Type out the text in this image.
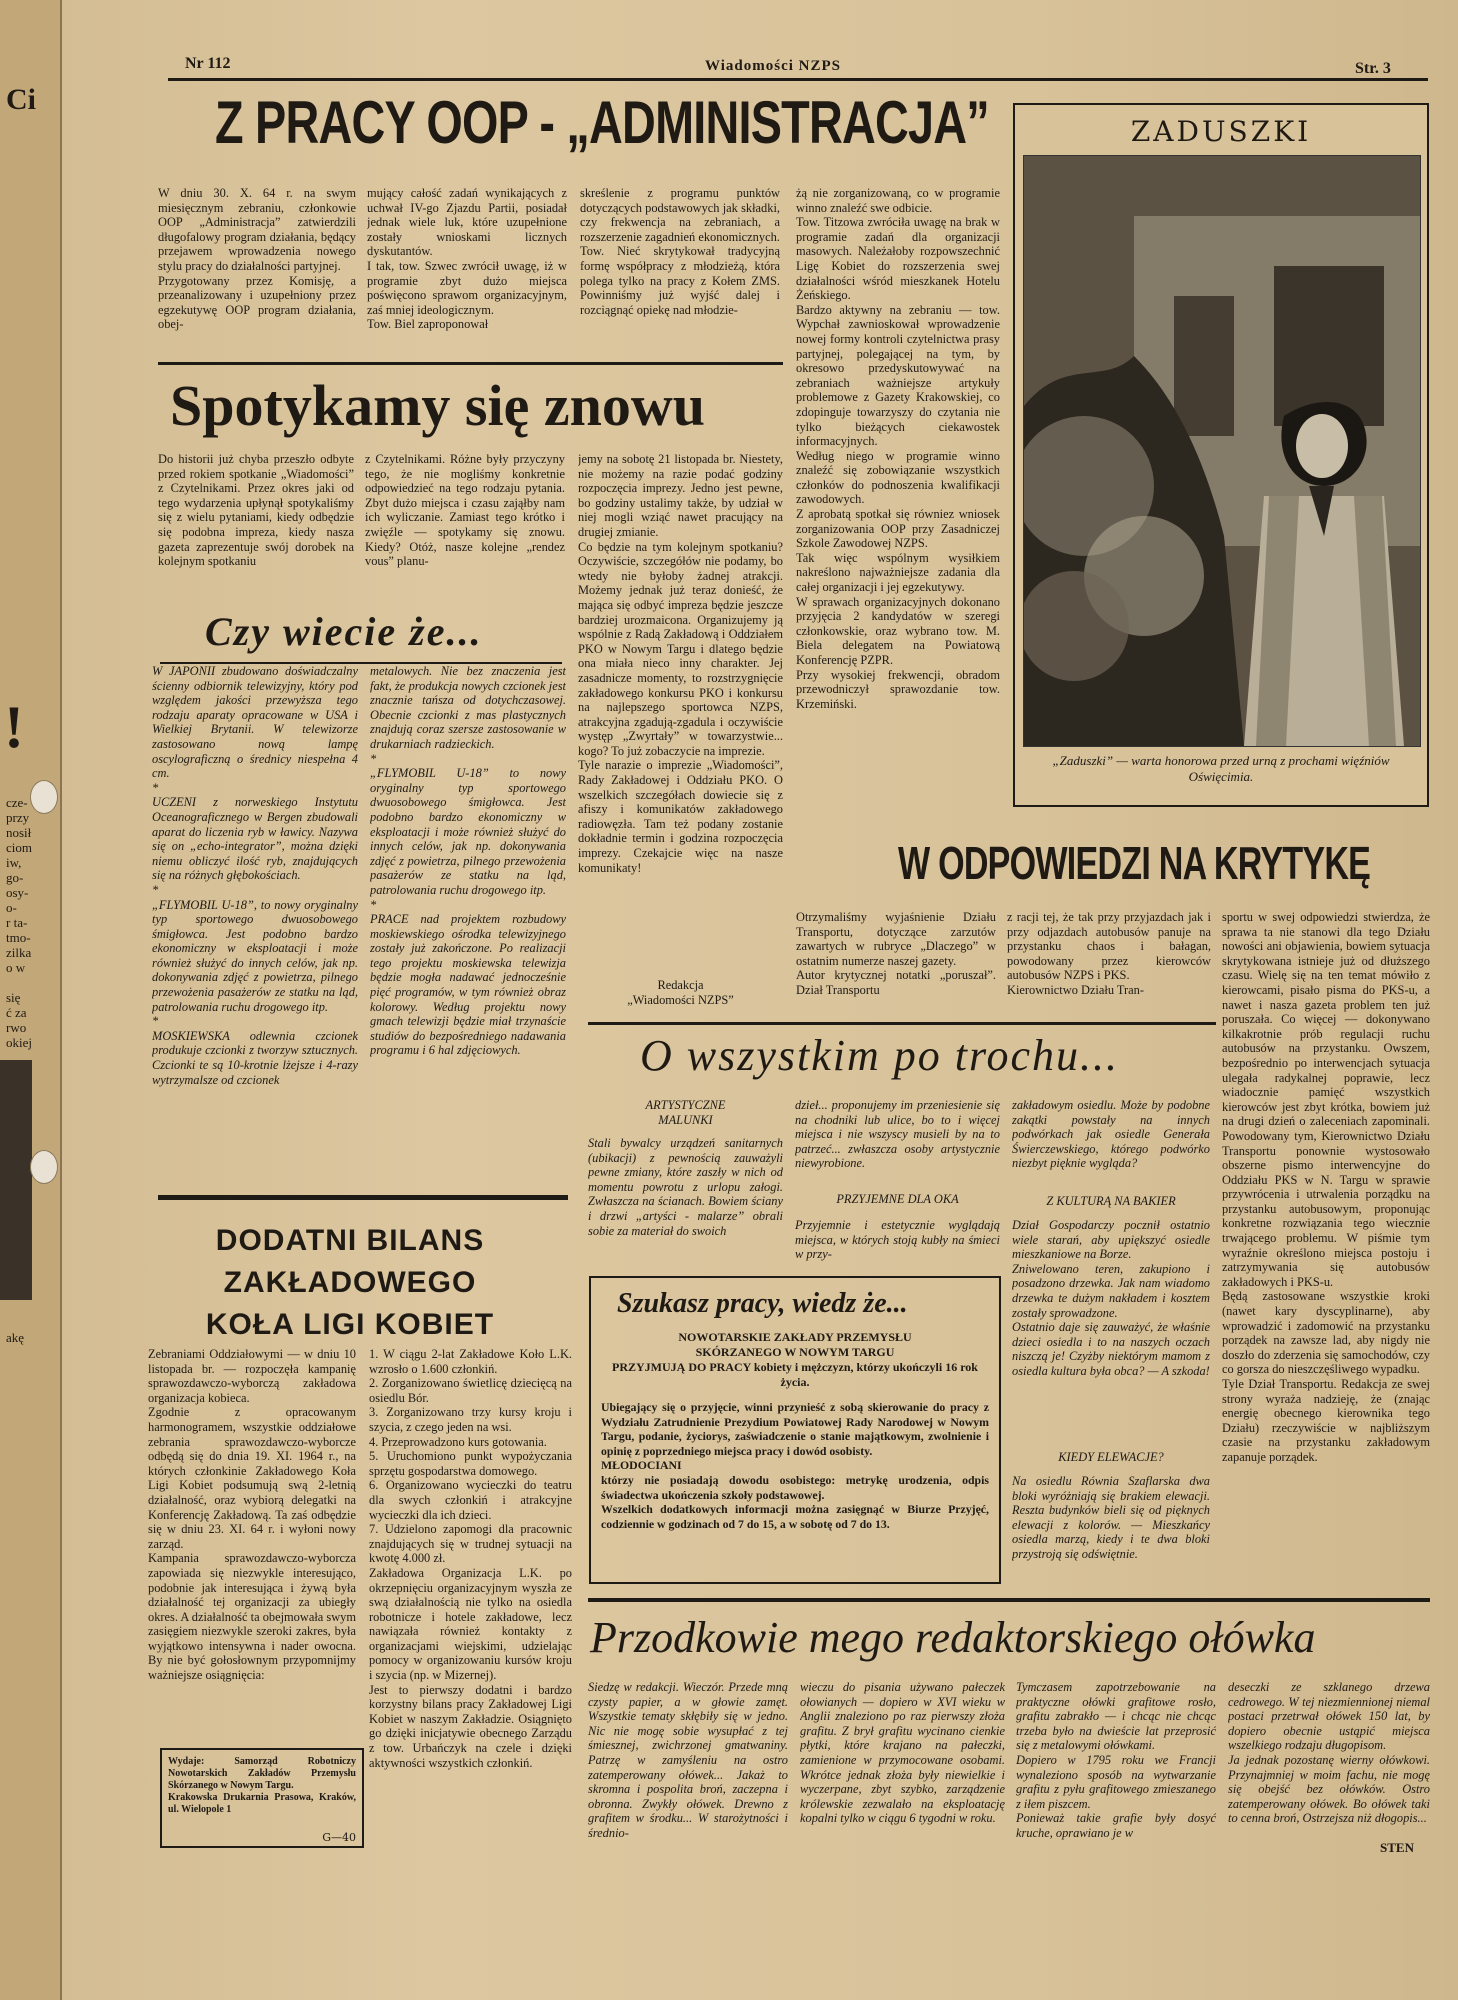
Ci
!
cze-
przy
nosił
ciom
iw,
go-
osy-
o-
r ta-
tmo-
zilka
o w
się
ć za
rwo
okiej
akę
Nr 112	Wiadomości NZPS	Str. 3
Z PRACY OOP - „ADMINISTRACJA”
W dniu 30. X. 64 r. na swym miesięcznym zebraniu, członkowie OOP „Administracja” zatwierdzili długofalowy program działania, będący przejawem wprowadzenia nowego stylu pracy do działalności partyjnej.
Przygotowany przez Komisję, a przeanalizowany i uzupełniony przez egzekutywę OOP program działania, obej-
mujący całość zadań wynikających z uchwał IV-go Zjazdu Partii, posiadał jednak wiele luk, które uzupełnione zostały wnioskami licznych dyskutantów.
I tak, tow. Szwec zwrócił uwagę, iż w programie zbyt dużo miejsca poświęcono sprawom organizacyjnym, zaś mniej ideologicznym.
Tow. Biel zaproponował
skreślenie z programu punktów dotyczących podstawowych jak składki, czy frekwencja na zebraniach, a rozszerzenie zagadnień ekonomicznych.
Tow. Nieć skrytykował tradycyjną formę współpracy z młodzieżą, która polega tylko na pracy z Kołem ZMS. Powinniśmy już wyjść dalej i rozciągnąć opiekę nad młodzie-
żą nie zorganizowaną, co w programie winno znaleźć swe odbicie.
Tow. Titzowa zwróciła uwagę na brak w programie zadań dla organizacji masowych. Należałoby rozpowszechnić Ligę Kobiet do rozszerzenia swej działalności wśród mieszkanek Hotelu Żeńskiego.
Bardzo aktywny na zebraniu — tow. Wypchał zawnioskował wprowadzenie nowej formy kontroli czytelnictwa prasy partyjnej, polegającej na tym, by okresowo przedyskutowywać na zebraniach ważniejsze artykuły problemowe z Gazety Krakowskiej, co zdopinguje towarzyszy do czytania nie tylko bieżących ciekawostek informacyjnych.
Według niego w programie winno znaleźć się zobowiązanie wszystkich członków do podnoszenia kwalifikacji zawodowych.
Z aprobatą spotkał się równiez wniosek zorganizowania OOP przy Zasadniczej Szkole Zawodowej NZPS.
Tak więc wspólnym wysiłkiem nakreślono najważniejsze zadania dla całej organizacji i jej egzekutywy.
W sprawach organizacyjnych dokonano przyjęcia 2 kandydatów w szeregi członkowskie, oraz wybrano tow. M. Biela delegatem na Powiatową Konferencję PZPR.
Przy wysokiej frekwencji, obradom przewodniczył sprawozdanie tow. Krzemiński.
Spotykamy się znowu
Do historii już chyba przeszło odbyte przed rokiem spotkanie „Wiadomości” z Czytelnikami. Przez okres jaki od tego wydarzenia upłynął spotykaliśmy się z wielu pytaniami, kiedy odbędzie się podobna impreza, kiedy nasza gazeta zaprezentuje swój dorobek na kolejnym spotkaniu
z Czytelnikami. Różne były przyczyny tego, że nie mogliśmy konkretnie odpowiedzieć na tego rodzaju pytania. Zbyt dużo miejsca i czasu zająłby nam ich wyliczanie. Zamiast tego krótko i zwięźle — spotykamy się znowu. Kiedy? Otóż, nasze kolejne „rendez vous” planu-
jemy na sobotę 21 listopada br. Niestety, nie możemy na razie podać godziny rozpoczęcia imprezy. Jedno jest pewne, bo godziny ustalimy także, by udział w niej mogli wziąć nawet pracujący na drugiej zmianie.
Co będzie na tym kolejnym spotkaniu? Oczywiście, szczegółów nie podamy, bo wtedy nie byłoby żadnej atrakcji. Możemy jednak już teraz donieść, że mająca się odbyć impreza będzie jeszcze bardziej urozmaicona. Organizujemy ją wspólnie z Radą Zakładową i Oddziałem PKO w Nowym Targu i dlatego będzie ona miała nieco inny charakter. Jej zasadnicze momenty, to rozstrzygnięcie zakładowego konkursu PKO i konkursu na najlepszego sportowca NZPS, atrakcyjna zgadują-zgadula i oczywiście występ „Zwyrtały” w towarzystwie... kogo? To już zobaczycie na imprezie.
Tyle narazie o imprezie „Wiadomości”, Rady Zakładowej i Oddziału PKO. O wszelkich szczegółach dowiecie się z afiszy i komunikatów zakładowego radiowęzła. Tam też podany zostanie dokładnie termin i godzina rozpoczęcia imprezy. Czekajcie więc na nasze komunikaty!
Redakcja
„Wiadomości NZPS”
Czy wiecie że...
W JAPONII zbudowano doświadczalny ścienny odbiornik telewizyjny, który pod względem jakości przewyższa tego rodzaju aparaty opracowane w USA i Wielkiej Brytanii. W telewizorze zastosowano nową lampę oscylograficzną o średnicy niespełna 4 cm.
*
UCZENI z norweskiego Instytutu Oceanograficznego w Bergen zbudowali aparat do liczenia ryb w ławicy. Nazywa się on „echo-integrator”, można dzięki niemu obliczyć ilość ryb, znajdujących się na różnych głębokościach.
*
„FLYMOBIL U-18”, to nowy oryginalny typ sportowego dwuosobowego śmigłowca. Jest podobno bardzo ekonomiczny w eksploatacji i może również służyć do innych celów, jak np. dokonywania zdjęć z powietrza, pilnego przewożenia pasażerów ze statku na ląd, patrolowania ruchu drogowego itp.
*
MOSKIEWSKA odlewnia czcionek produkuje czcionki z tworzyw sztucznych. Czcionki te są 10-krotnie lżejsze i 4-razy wytrzymalsze od czcionek
metalowych. Nie bez znaczenia jest fakt, że produkcja nowych czcionek jest znacznie tańsza od dotychczasowej. Obecnie czcionki z mas plastycznych znajdują coraz szersze zastosowanie w drukarniach radzieckich.
*
„FLYMOBIL U-18” to nowy oryginalny typ sportowego dwuosobowego śmigłowca. Jest podobno bardzo ekonomiczny w eksploatacji i może również służyć do innych celów, jak np. dokonywania zdjęć z powietrza, pilnego przewożenia pasażerów ze statku na ląd, patrolowania ruchu drogowego itp.
*
PRACE nad projektem rozbudowy moskiewskiego ośrodka telewizyjnego zostały już zakończone. Po realizacji tego projektu moskiewska telewizja będzie mogła nadawać jednocześnie pięć programów, w tym również obraz kolorowy. Według projektu nowy gmach telewizji będzie miał trzynaście studiów do bezpośredniego nadawania programu i 6 hal zdjęciowych.
DODATNI BILANS
ZAKŁADOWEGO
KOŁA LIGI KOBIET
Zebraniami Oddziałowymi — w dniu 10 listopada br. — rozpoczęła kampanię sprawozdawczo-wyborczą zakładowa organizacja kobieca.
Zgodnie z opracowanym harmonogramem, wszystkie oddziałowe zebrania sprawozdawczo-wyborcze odbędą się do dnia 19. XI. 1964 r., na których członkinie Zakładowego Koła Ligi Kobiet podsumują swą 2-letnią działalność, oraz wybiorą delegatki na Konferencję Zakładową. Ta zaś odbędzie się w dniu 23. XI. 64 r. i wyłoni nowy zarząd.
Kampania sprawozdawczo-wyborcza zapowiada się niezwykle interesująco, podobnie jak interesująca i żywą była działalność tej organizacji za ubiegły okres. A działalność ta obejmowała swym zasięgiem niezwykle szeroki zakres, była wyjątkowo intensywna i nader owocna. By nie być gołosłownym przypomnijmy ważniejsze osiągnięcia:
1. W ciągu 2-lat Zakładowe Koło L.K. wzrosło o 1.600 członkiń.
2. Zorganizowano świetlicę dziecięcą na osiedlu Bór.
3. Zorganizowano trzy kursy kroju i szycia, z czego jeden na wsi.
4. Przeprowadzono kurs gotowania.
5. Uruchomiono punkt wypożyczania sprzętu gospodarstwa domowego.
6. Organizowano wycieczki do teatru dla swych członkiń i atrakcyjne wycieczki dla ich dzieci.
7. Udzielono zapomogi dla pracownic znajdujących się w trudnej sytuacji na kwotę 4.000 zł.
Zakładowa Organizacja L.K. po okrzepnięciu organizacyjnym wyszła ze swą działalnością nie tylko na osiedla robotnicze i hotele zakładowe, lecz nawiązała również kontakty z organizacjami wiejskimi, udzielając pomocy w organizowaniu kursów kroju i szycia (np. w Mizernej).
Jest to pierwszy dodatni i bardzo korzystny bilans pracy Zakładowej Ligi Kobiet w naszym Zakładzie. Osiągnięto go dzięki inicjatywie obecnego Zarządu z tow. Urbańczyk na czele i dzięki aktywności wszystkich członkiń.
Wydaje: Samorząd Robotniczy Nowotarskich Zakładów Przemysłu Skórzanego w Nowym Targu.
Krakowska Drukarnia Prasowa, Kraków, ul. Wielopole 1
G—40
ZADUSZKI
„Zaduszki” — warta honorowa przed urną z prochami więźniów Oświęcimia.
W ODPOWIEDZI NA KRYTYKĘ
Otrzymaliśmy wyjaśnienie Działu Transportu, dotyczące zarzutów zawartych w rubryce „Dlaczego” w ostatnim numerze naszej gazety.
Autor krytycznej notatki „poruszał”. Dział Transportu
z racji tej, że tak przy przyjazdach jak i przy odjazdach autobusów panuje na przystanku chaos i bałagan, powodowany przez kierowców autobusów NZPS i PKS.
Kierownictwo Działu Tran-
sportu w swej odpowiedzi stwierdza, że sprawa ta nie stanowi dla tego Działu nowości ani objawienia, bowiem sytuacja skrytykowana istnieje już od dłuższego czasu. Wielę się na ten temat mówiło z kierowcami, pisało pisma do PKS-u, a nawet i nasza gazeta problem ten już poruszała. Co więcej — dokonywano kilkakrotnie prób regulacji ruchu autobusów na przystanku. Owszem, bezpośrednio po interwencjach sytuacja ulegała radykalnej poprawie, lecz wiadocznie pamięć wszystkich kierowców jest zbyt krótka, bowiem już na drugi dzień o zaleceniach zapominali. Powodowany tym, Kierownictwo Działu Transportu ponownie wystosowało obszerne pismo interwencyjne do Oddziału PKS w N. Targu w sprawie przywrócenia i utrwalenia porządku na przystanku autobusowym, proponując konkretne rozwiązania tego wiecznie trwającego problemu. W piśmie tym wyraźnie określono miejsca postoju i zatrzymywania się autobusów zakładowych i PKS-u.
Będą zastosowane wszystkie kroki (nawet kary dyscyplinarne), aby wprowadzić i zadomowić na przystanku porządek na zawsze lad, aby nigdy nie doszło do zderzenia się samochodów, czy co gorsza do nieszczęśliwego wypadku.
Tyle Dział Transportu. Redakcja ze swej strony wyraża nadzieję, że (znając energię obecnego kierownika tego Działu) rzeczywiście w najbliższym czasie na przystanku zakładowym zapanuje porządek.
O wszystkim po trochu...
ARTYSTYCZNE
MALUNKI
Stali bywalcy urządzeń sanitarnych (ubikacji) z pewnością zauważyli pewne zmiany, które zaszły w nich od momentu powrotu z urlopu załogi. Zwłaszcza na ścianach. Bowiem ściany i drzwi „artyści - malarze” obrali sobie za materiał do swoich
dzieł... proponujemy im przeniesienie się na chodniki lub ulice, bo to i więcej miejsca i nie wszyscy musieli by na to patrzeć... zwłaszcza osoby artystycznie niewyrobione.
PRZYJEMNE DLA OKA
Przyjemnie i estetycznie wyglądają miejsca, w których stoją kubły na śmieci w przy-
zakładowym osiedlu. Może by podobne zakątki powstały na innych podwórkach jak osiedle Generała Świerczewskiego, którego podwórko niezbyt pięknie wygląda?
Z KULTURĄ NA BAKIER
Dział Gospodarczy pocznił ostatnio wiele starań, aby upiększyć osiedle mieszkaniowe na Borze.
Zniwelowano teren, zakupiono i posadzono drzewka. Jak nam wiadomo drzewka te dużym nakładem i kosztem zostały sprowadzone.
Ostatnio daje się zauważyć, że właśnie dzieci osiedla i to na naszych oczach niszczą je! Czyżby niektórym mamom z osiedla kultura była obca? — A szkoda!
KIEDY ELEWACJE?
Na osiedlu Równia Szaflarska dwa bloki wyróżniają się brakiem elewacji. Reszta budynków bieli się od pięknych elewacji z kolorów. — Mieszkańcy osiedla marzą, kiedy i te dwa bloki przystroją się odświętnie.
Szukasz pracy, wiedz że...
NOWOTARSKIE ZAKŁADY PRZEMYSŁU
SKÓRZANEGO W NOWYM TARGU
PRZYJMUJĄ DO PRACY kobiety i mężczyzn, którzy ukończyli 16 rok życia.
Ubiegający się o przyjęcie, winni przynieść z sobą skierowanie do pracy z Wydziału Zatrudnienie Prezydium Powiatowej Rady Narodowej w Nowym Targu, podanie, życiorys, zaświadczenie o stanie majątkowym, zwolnienie i opinię z poprzedniego miejsca pracy i dowód osobisty.
MŁODOCIANI
którzy nie posiadają dowodu osobistego: metrykę urodzenia, odpis świadectwa ukończenia szkoły podstawowej.
Wszelkich dodatkowych informacji można zasięgnąć w Biurze Przyjęć, codziennie w godzinach od 7 do 15, a w sobotę od 7 do 13.
Przodkowie mego redaktorskiego ołówka
Siedzę w redakcji. Wieczór. Przede mną czysty papier, a w głowie zamęt. Wszystkie tematy skłębiły się w jedno. Nic nie mogę sobie wysupłać z tej śmiesznej, zwichrzonej gmatwaniny. Patrzę w zamyśleniu na ostro zatemperowany ołówek... Jakaż to skromna i pospolita broń, zaczepna i obronna. Zwykły ołówek. Drewno z grafitem w środku... W starożytności i średnio-
wieczu do pisania używano pałeczek ołowianych — dopiero w XVI wieku w Anglii znaleziono po raz pierwszy złoża grafitu. Z brył grafitu wycinano cienkie płytki, które krajano na pałeczki, zamienione w przymocowane osobami. Wkrótce jednak złoża były niewielkie i wyczerpane, zbyt szybko, zarządzenie królewskie zezwalało na eksploatację kopalni tylko w ciągu 6 tygodni w roku.
Tymczasem zapotrzebowanie na praktyczne ołówki grafitowe rosło, grafitu zabrakło — i chcąc nie chcąc trzeba było na dwieście lat przeprosić się z metalowymi ołówkami.
Dopiero w 1795 roku we Francji wynaleziono sposób na wytwarzanie grafitu z pyłu grafitowego zmieszanego z iłem piszcem.
Ponieważ takie grafie były dosyć kruche, oprawiano je w
deseczki ze szklanego drzewa cedrowego. W tej niezmiennionej niemal postaci przetrwał ołówek 150 lat, by dopiero obecnie ustąpić miejsca wszelkiego rodzaju długopisom.
Ja jednak pozostanę wierny ołówkowi. Przynajmniej w moim fachu, nie mogę się obejść bez ołówków. Ostro zatemperowany ołówek. Bo ołówek taki to cenna broń, Ostrzejsza niż dłogopis...
STEN
